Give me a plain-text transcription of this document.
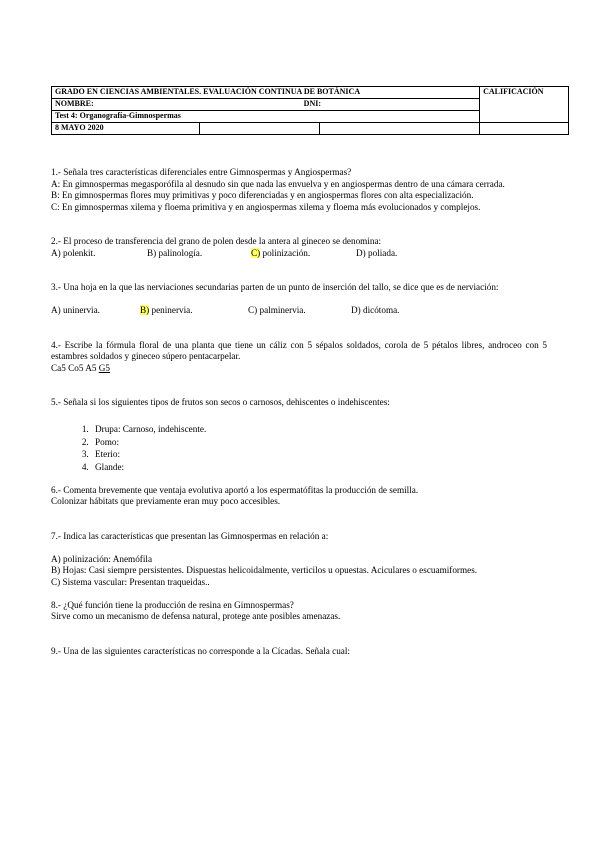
GRADO EN CIENCIAS AMBIENTALES. EVALUACIÓN CONTINUA DE BOTÁNICA			CALIFICACIÓN
NOMBRE: DNI:			
Test 4: Organografía-Gimnospermas			
8 MAYO 2020			

1.- Señala tres características diferenciales entre Gimnospermas y Angiospermas?

A: En gimnospermas megasporófila al desnudo sin que nada las envuelva y en angiospermas dentro de una cámara cerrada.

B: En gimnospermas flores muy primitivas y poco diferenciadas y en angiospermas flores con alta especialización.

C: En gimnospermas xilema y floema primitiva y en angiospermas xilema y floema más evolucionados y complejos.

2.- El proceso de transferencia del grano de polen desde la antera al gineceo se denomina:

A) polenkit.	B) palinología.	C) polinización.	D) poliada.

3.- Una hoja en la que las nerviaciones secundarias parten de un punto de inserción del tallo, se dice que es de nerviación:

A) uninervia.	B) peninervia.	C) palminervia.	D) dicótoma.

4.- Escribe la fórmula floral de una planta que tiene un cáliz con 5 sépalos soldados, corola de 5 pétalos libres, androceo con 5 estambres soldados y gineceo súpero pentacarpelar.

Ca5 Co5 A5 G5

5.- Señala si los siguientes tipos de frutos son secos o carnosos, dehiscentes o indehiscentes:

1. Drupa: Carnoso, indehiscente.
2. Pomo:
3. Eterio:
4. Glande:

6.- Comenta brevemente que ventaja evolutiva aportó a los espermatófitas la producción de semilla.

Colonizar hábitats que previamente eran muy poco accesibles.

7.- Indica las características que presentan las Gimnospermas en relación a:

A) polinización: Anemófila

B) Hojas: Casi siempre persistentes. Dispuestas helicoidalmente, verticilos u opuestas. Aciculares o escuamiformes.

C) Sistema vascular: Presentan traqueidas..

8.- ¿Qué función tiene la producción de resina en Gimnospermas?

Sirve como un mecanismo de defensa natural, protege ante posibles amenazas.

9.- Una de las siguientes características no corresponde a la Cícadas. Señala cual:
